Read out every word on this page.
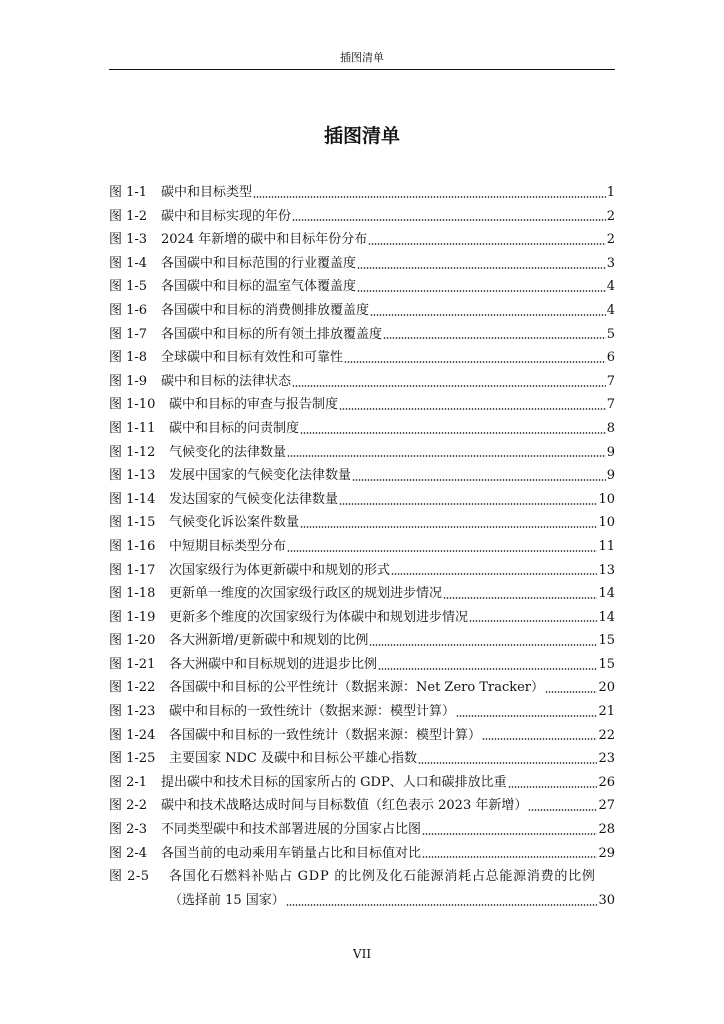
插图清单
插图清单
图 1-1	碳中和目标类型	1
图 1-2	碳中和目标实现的年份	2
图 1-3	2024 年新增的碳中和目标年份分布	2
图 1-4	各国碳中和目标范围的行业覆盖度	3
图 1-5	各国碳中和目标的温室气体覆盖度	4
图 1-6	各国碳中和目标的消费侧排放覆盖度	4
图 1-7	各国碳中和目标的所有领土排放覆盖度	5
图 1-8	全球碳中和目标有效性和可靠性	6
图 1-9	碳中和目标的法律状态	7
图 1-10	碳中和目标的审查与报告制度	7
图 1-11	碳中和目标的问责制度	8
图 1-12	气候变化的法律数量	9
图 1-13	发展中国家的气候变化法律数量	9
图 1-14	发达国家的气候变化法律数量	10
图 1-15	气候变化诉讼案件数量	10
图 1-16	中短期目标类型分布	11
图 1-17	次国家级行为体更新碳中和规划的形式	13
图 1-18	更新单一维度的次国家级行政区的规划进步情况	14
图 1-19	更新多个维度的次国家级行为体碳中和规划进步情况	14
图 1-20	各大洲新增/更新碳中和规划的比例	15
图 1-21	各大洲碳中和目标规划的进退步比例	15
图 1-22	各国碳中和目标的公平性统计（数据来源：Net Zero Tracker）	20
图 1-23	碳中和目标的一致性统计（数据来源：模型计算）	21
图 1-24	各国碳中和目标的一致性统计（数据来源：模型计算）	22
图 1-25	主要国家 NDC 及碳中和目标公平雄心指数	23
图 2-1	提出碳中和技术目标的国家所占的 GDP、人口和碳排放比重	26
图 2-2	碳中和技术战略达成时间与目标数值（红色表示 2023 年新增）	27
图 2-3	不同类型碳中和技术部署进展的分国家占比图	28
图 2-4	各国当前的电动乘用车销量占比和目标值对比	29
图 2-5	各国化石燃料补贴占 GDP 的比例及化石能源消耗占总能源消费的比例
（选择前 15 国家）	30
VII
